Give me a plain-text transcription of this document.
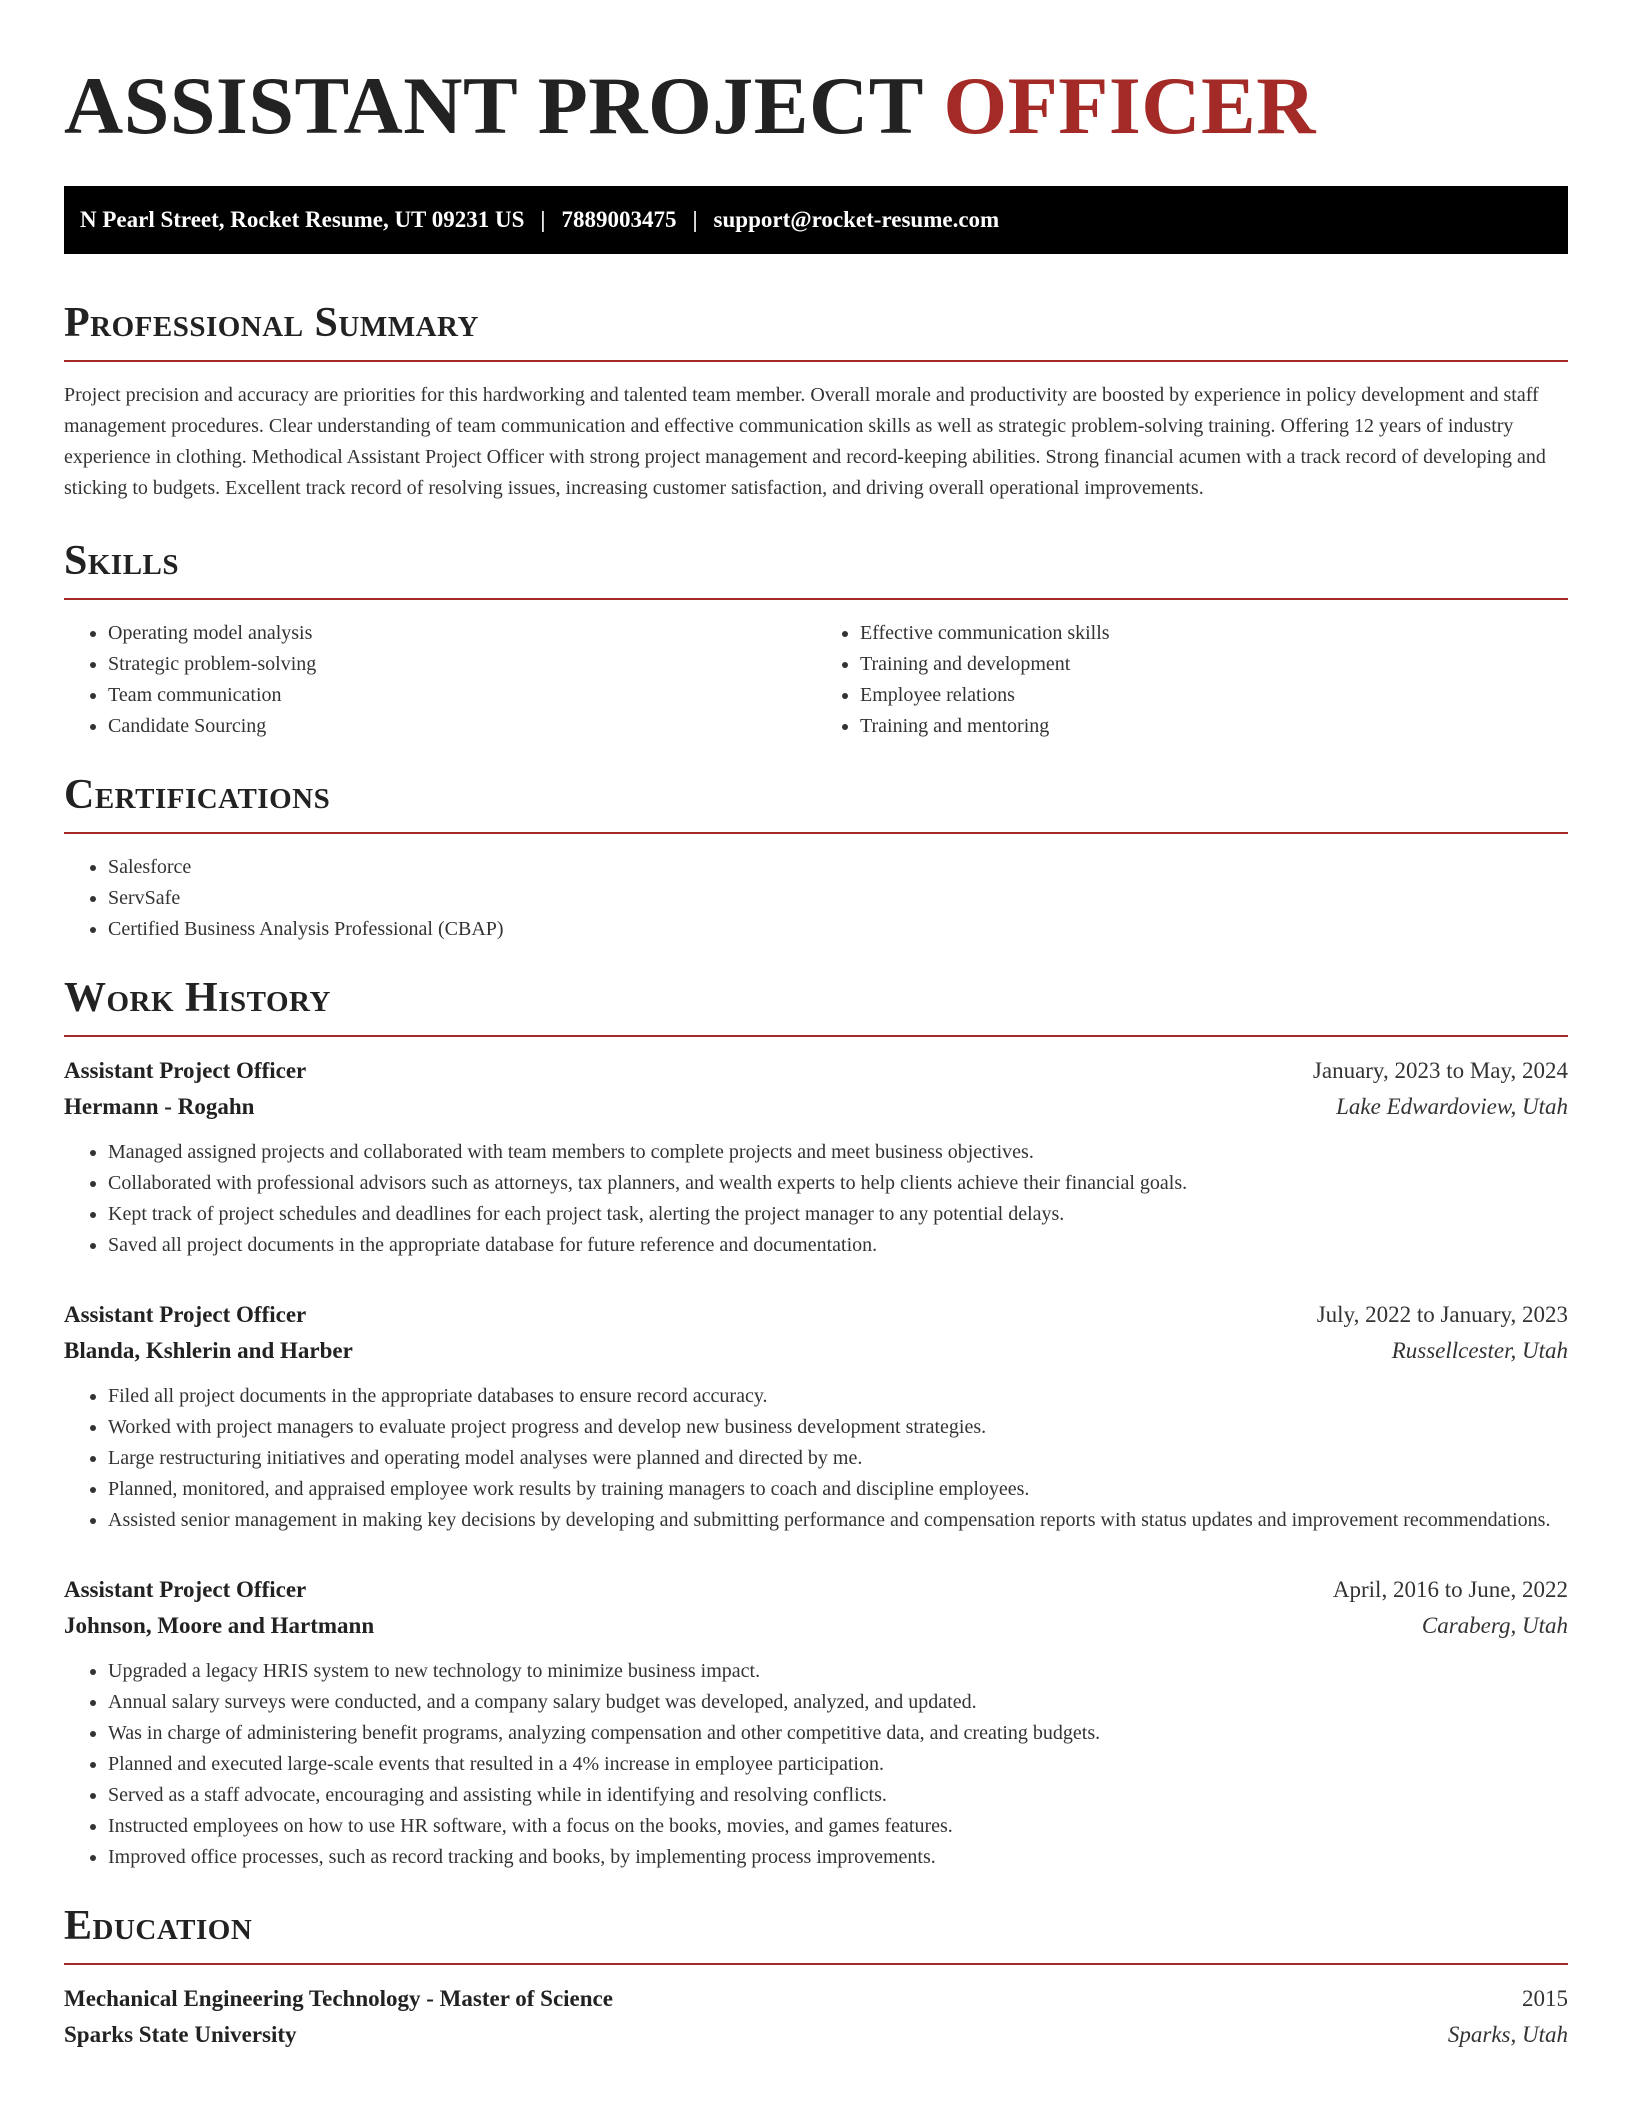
ASSISTANT PROJECT OFFICER
N Pearl Street, Rocket Resume, UT 09231 US | 7889003475 | support@rocket-resume.com
Professional Summary

Project precision and accuracy are priorities for this hardworking and talented team member. Overall morale and productivity are boosted by experience in policy development and staff management procedures. Clear understanding of team communication and effective communication skills as well as strategic problem-solving training. Offering 12 years of industry experience in clothing. Methodical Assistant Project Officer with strong project management and record-keeping abilities. Strong financial acumen with a track record of developing and sticking to budgets. Excellent track record of resolving issues, increasing customer satisfaction, and driving overall operational improvements.

Skills
• Operating model analysis
• Strategic problem-solving
• Team communication
• Candidate Sourcing
• Effective communication skills
• Training and development
• Employee relations
• Training and mentoring
Certifications
• Salesforce
• ServSafe
• Certified Business Analysis Professional (CBAP)
Work History
Assistant Project Officer	January, 2023 to May, 2024
Hermann - Rogahn	Lake Edwardoview, Utah
• Managed assigned projects and collaborated with team members to complete projects and meet business objectives.
• Collaborated with professional advisors such as attorneys, tax planners, and wealth experts to help clients achieve their financial goals.
• Kept track of project schedules and deadlines for each project task, alerting the project manager to any potential delays.
• Saved all project documents in the appropriate database for future reference and documentation.
Assistant Project Officer	July, 2022 to January, 2023
Blanda, Kshlerin and Harber	Russellcester, Utah
• Filed all project documents in the appropriate databases to ensure record accuracy.
• Worked with project managers to evaluate project progress and develop new business development strategies.
• Large restructuring initiatives and operating model analyses were planned and directed by me.
• Planned, monitored, and appraised employee work results by training managers to coach and discipline employees.
• Assisted senior management in making key decisions by developing and submitting performance and compensation reports with status updates and improvement recommendations.
Assistant Project Officer	April, 2016 to June, 2022
Johnson, Moore and Hartmann	Caraberg, Utah
• Upgraded a legacy HRIS system to new technology to minimize business impact.
• Annual salary surveys were conducted, and a company salary budget was developed, analyzed, and updated.
• Was in charge of administering benefit programs, analyzing compensation and other competitive data, and creating budgets.
• Planned and executed large-scale events that resulted in a 4% increase in employee participation.
• Served as a staff advocate, encouraging and assisting while in identifying and resolving conflicts.
• Instructed employees on how to use HR software, with a focus on the books, movies, and games features.
• Improved office processes, such as record tracking and books, by implementing process improvements.
Education
Mechanical Engineering Technology - Master of Science	2015
Sparks State University	Sparks, Utah
